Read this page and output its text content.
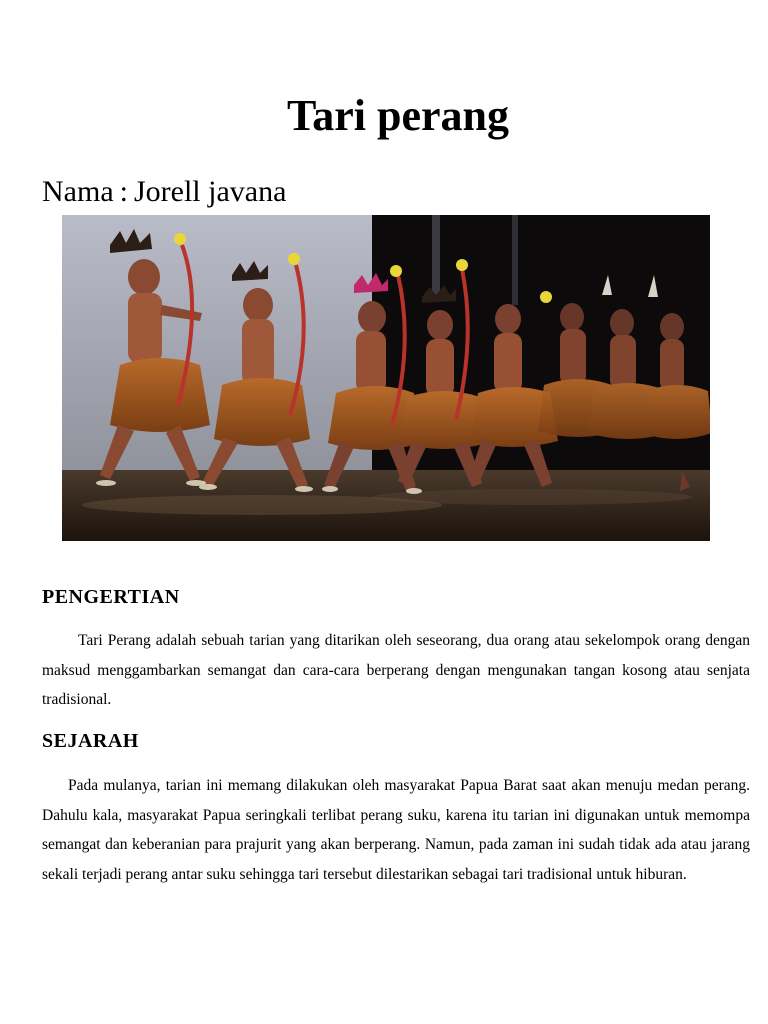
Tari perang

Nama : Jorell javana

PENGERTIAN

Tari Perang adalah sebuah tarian yang ditarikan oleh seseorang, dua orang atau sekelompok orang dengan maksud menggambarkan semangat dan cara-cara berperang dengan mengunakan tangan kosong atau senjata tradisional.

SEJARAH

Pada mulanya, tarian ini memang dilakukan oleh masyarakat Papua Barat saat akan menuju medan perang. Dahulu kala, masyarakat Papua seringkali terlibat perang suku, karena itu tarian ini digunakan untuk memompa semangat dan keberanian para prajurit yang akan berperang. Namun, pada zaman ini sudah tidak ada atau jarang sekali terjadi perang antar suku sehingga tari tersebut dilestarikan sebagai tari tradisional untuk hiburan.
